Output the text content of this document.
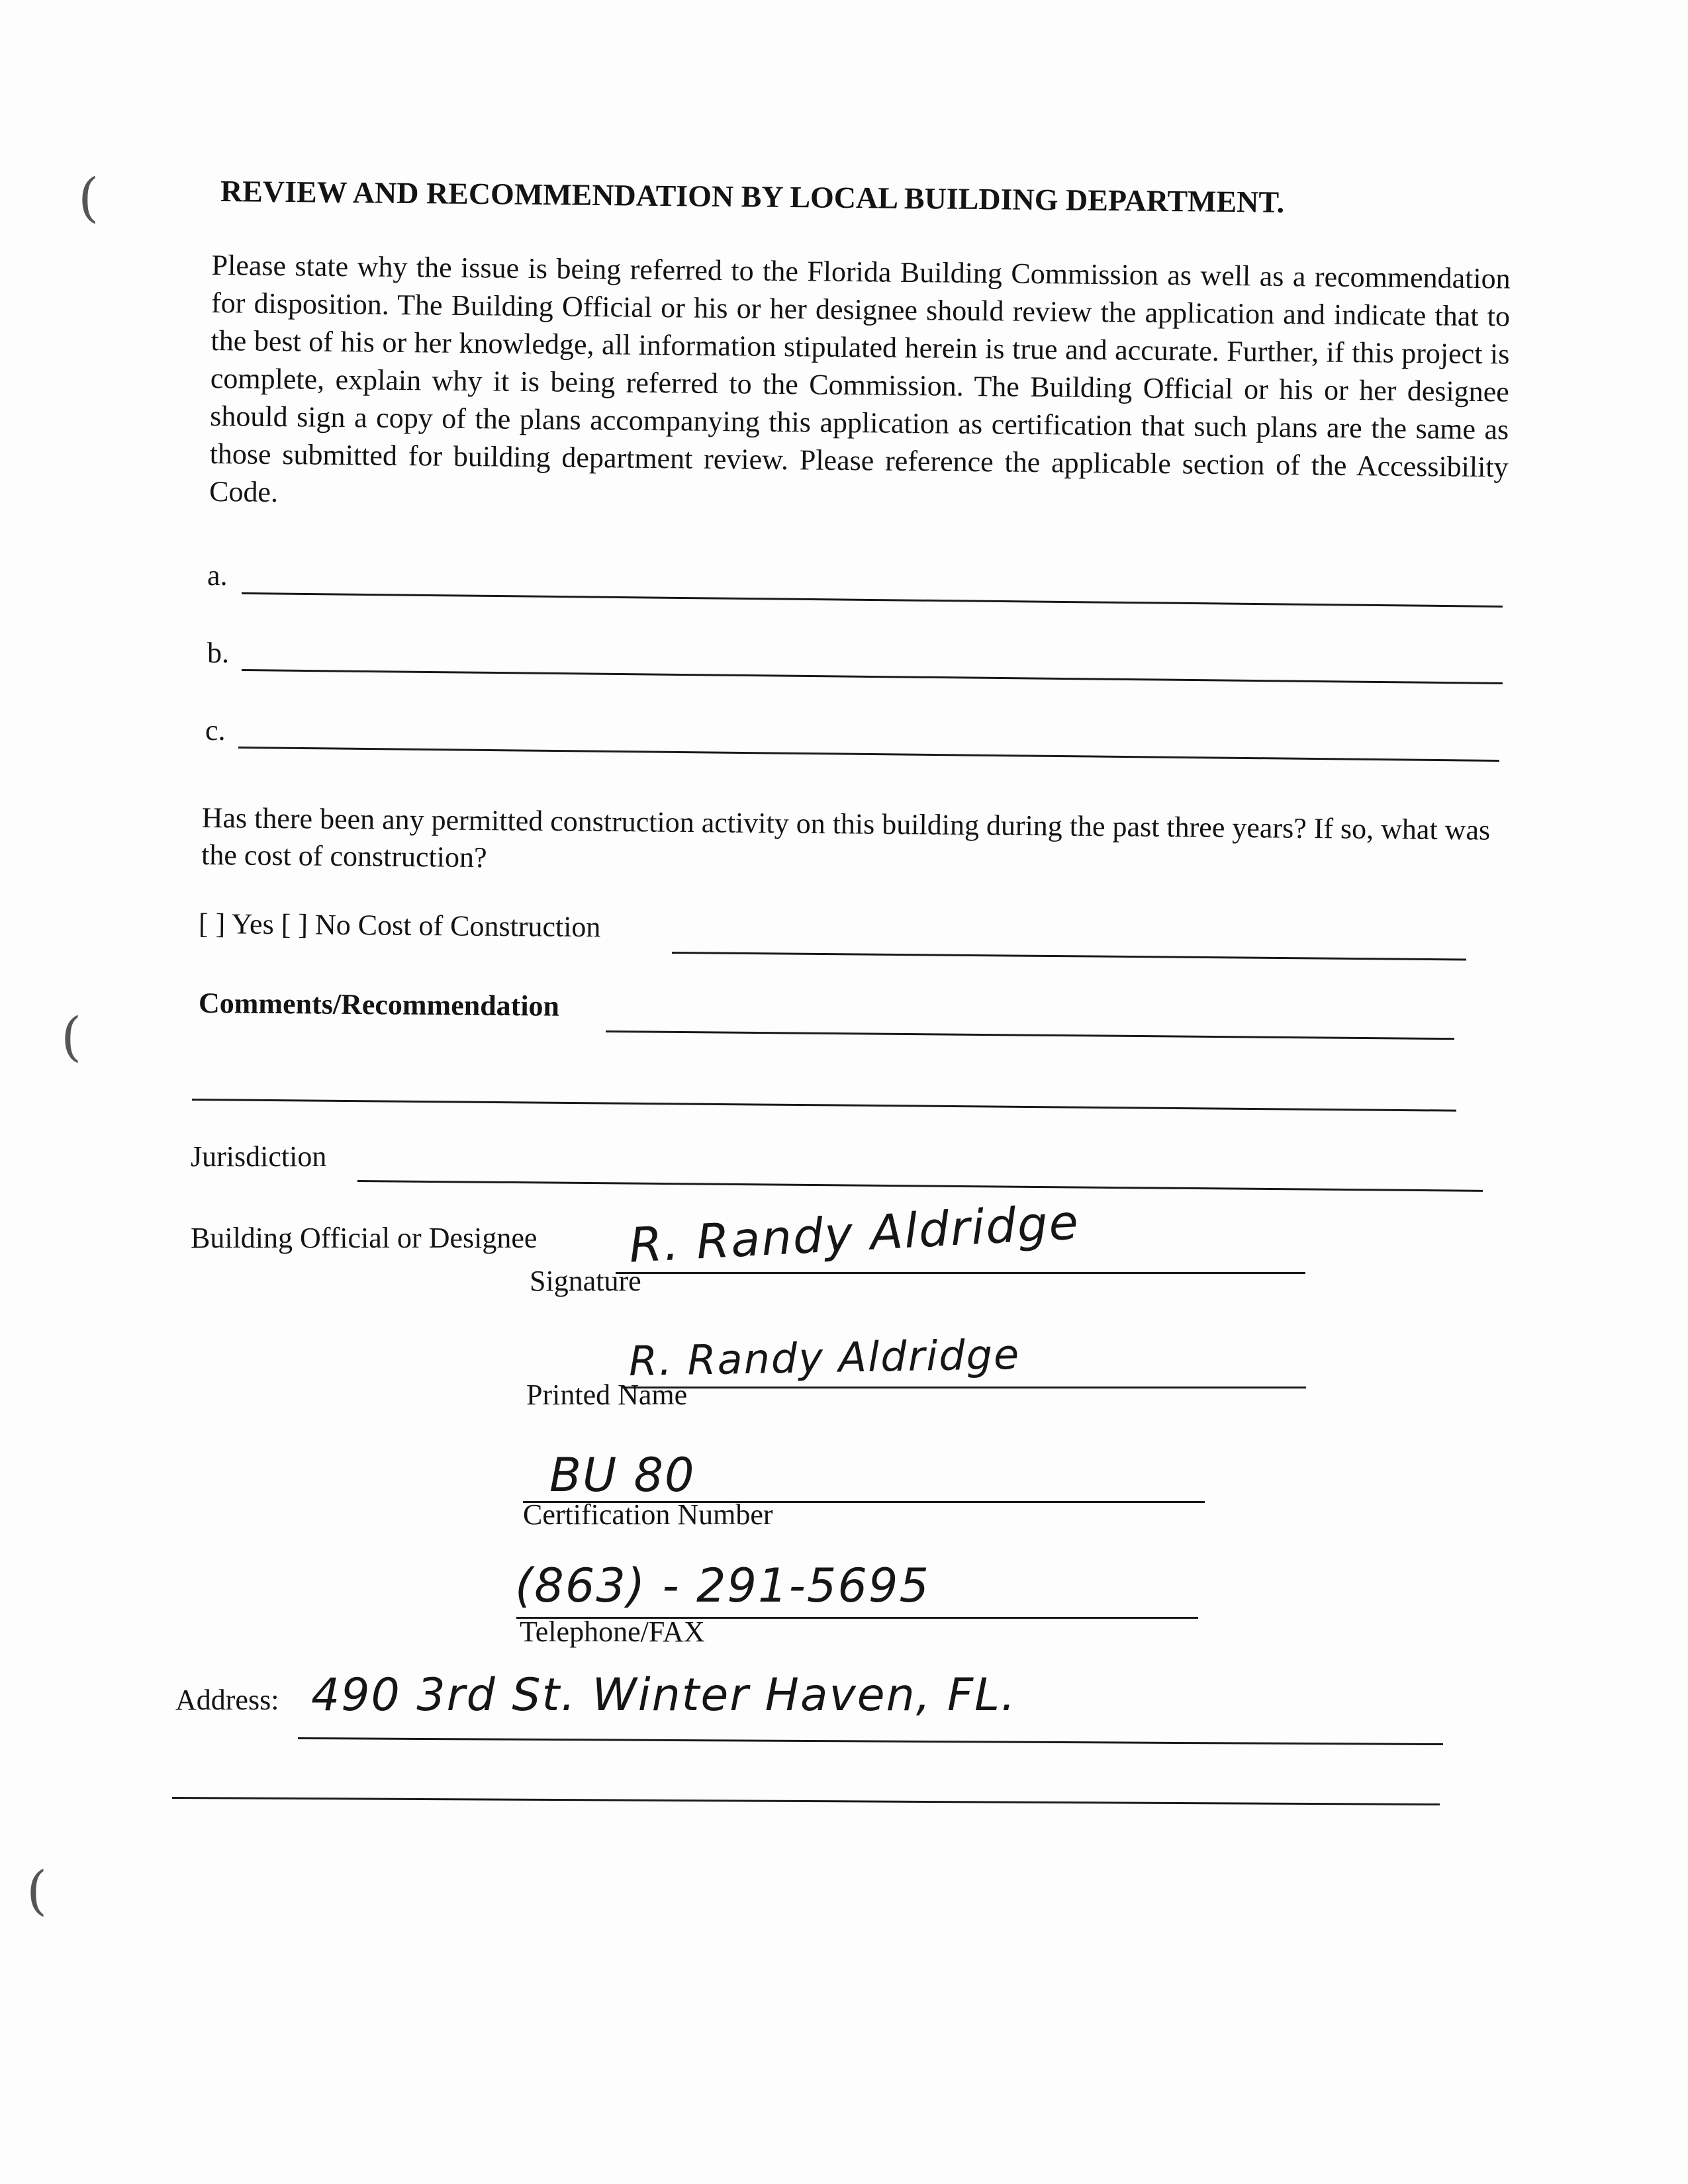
(
(
(
REVIEW AND RECOMMENDATION BY LOCAL BUILDING DEPARTMENT.
Please state why the issue is being referred to the Florida Building Commission as well as a recommendation for disposition. The Building Official or his or her designee should review the application and indicate that to the best of his or her knowledge, all information stipulated herein is true and accurate. Further, if this project is complete, explain why it is being referred to the Commission. The Building Official or his or her designee should sign a copy of the plans accompanying this application as certification that such plans are the same as those submitted for building department review. Please reference the applicable section of the Accessibility Code.
a.
b.
c.
Has there been any permitted construction activity on this building during the past three years? If so, what was the cost of construction?
[ ] Yes [ ] No Cost of Construction
Comments/Recommendation
Jurisdiction
Building Official or Designee R. Randy Aldridge
Signature
R. Randy Aldridge
Printed Name
BU 80
Certification Number
(863) - 291-5695
Telephone/FAX
Address: 490 3rd St. Winter Haven, FL.
